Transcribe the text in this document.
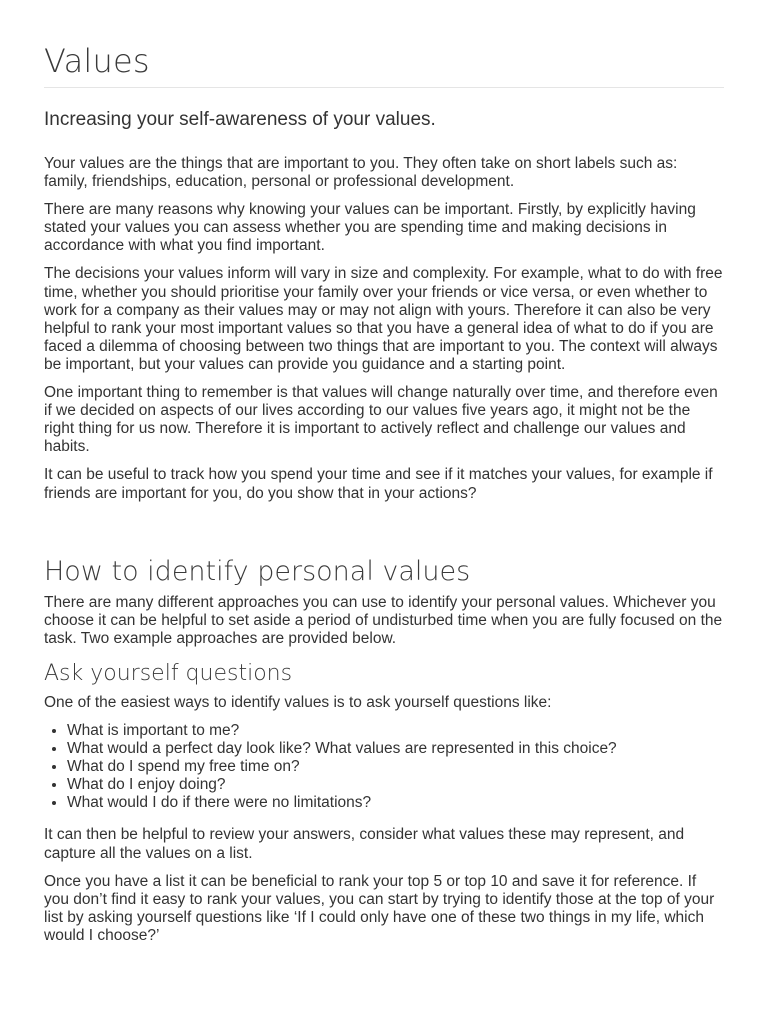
Values

Increasing your self-awareness of your values.

Your values are the things that are important to you. They often take on short labels such as: family, friendships, education, personal or professional development.

There are many reasons why knowing your values can be important. Firstly, by explicitly having stated your values you can assess whether you are spending time and making decisions in accordance with what you find important.

The decisions your values inform will vary in size and complexity. For example, what to do with free time, whether you should prioritise your family over your friends or vice versa, or even whether to work for a company as their values may or may not align with yours. Therefore it can also be very helpful to rank your most important values so that you have a general idea of what to do if you are faced a dilemma of choosing between two things that are important to you. The context will always be important, but your values can provide you guidance and a starting point.

One important thing to remember is that values will change naturally over time, and therefore even if we decided on aspects of our lives according to our values five years ago, it might not be the right thing for us now. Therefore it is important to actively reflect and challenge our values and habits.

It can be useful to track how you spend your time and see if it matches your values, for example if friends are important for you, do you show that in your actions?

How to identify personal values

There are many different approaches you can use to identify your personal values. Whichever you choose it can be helpful to set aside a period of undisturbed time when you are fully focused on the task. Two example approaches are provided below.

Ask yourself questions

One of the easiest ways to identify values is to ask yourself questions like:

• What is important to me?
• What would a perfect day look like? What values are represented in this choice?
• What do I spend my free time on?
• What do I enjoy doing?
• What would I do if there were no limitations?

It can then be helpful to review your answers, consider what values these may represent, and capture all the values on a list.

Once you have a list it can be beneficial to rank your top 5 or top 10 and save it for reference. If you don’t find it easy to rank your values, you can start by trying to identify those at the top of your list by asking yourself questions like ‘If I could only have one of these two things in my life, which would I choose?’
